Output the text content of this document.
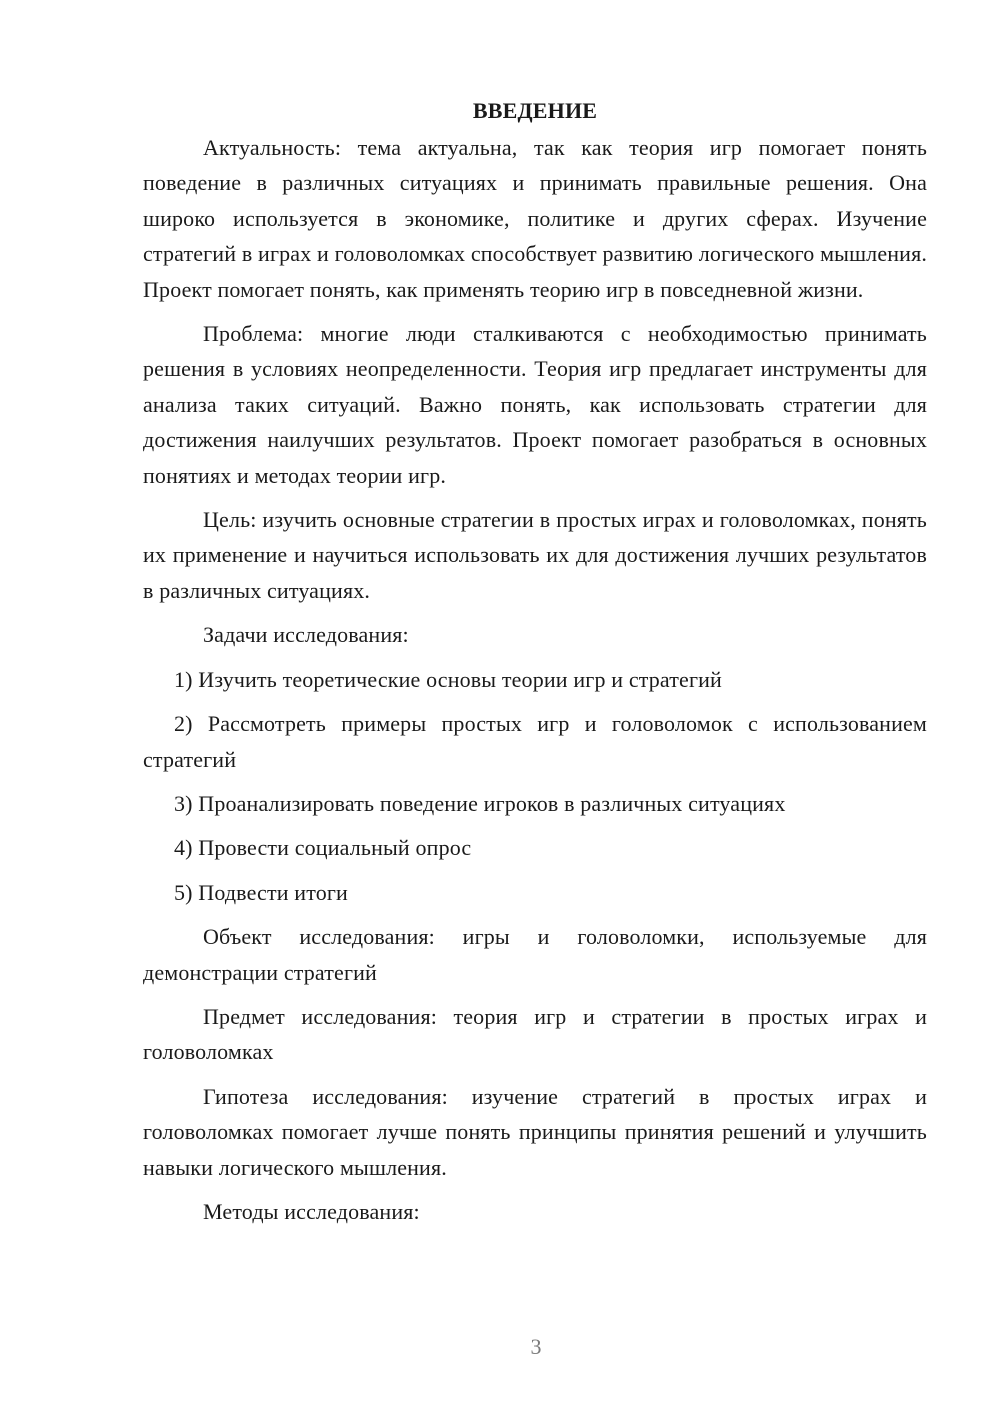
ВВЕДЕНИЕ

Актуальность: тема актуальна, так как теория игр помогает понять поведение в различных ситуациях и принимать правильные решения. Она широко используется в экономике, политике и других сферах. Изучение стратегий в играх и головоломках способствует развитию логического мышления. Проект помогает понять, как применять теорию игр в повседневной жизни.

Проблема: многие люди сталкиваются с необходимостью принимать решения в условиях неопределенности. Теория игр предлагает инструменты для анализа таких ситуаций. Важно понять, как использовать стратегии для достижения наилучших результатов. Проект помогает разобраться в основных понятиях и методах теории игр.

Цель: изучить основные стратегии в простых играх и головоломках, понять их применение и научиться использовать их для достижения лучших результатов в различных ситуациях.

Задачи исследования:

1) Изучить теоретические основы теории игр и стратегий

2) Рассмотреть примеры простых игр и головоломок с использованием стратегий

3) Проанализировать поведение игроков в различных ситуациях

4) Провести социальный опрос

5) Подвести итоги

Объект исследования: игры и головоломки, используемые для демонстрации стратегий

Предмет исследования: теория игр и стратегии в простых играх и головоломках

Гипотеза исследования: изучение стратегий в простых играх и головоломках помогает лучше понять принципы принятия решений и улучшить навыки логического мышления.

Методы исследования:

3
